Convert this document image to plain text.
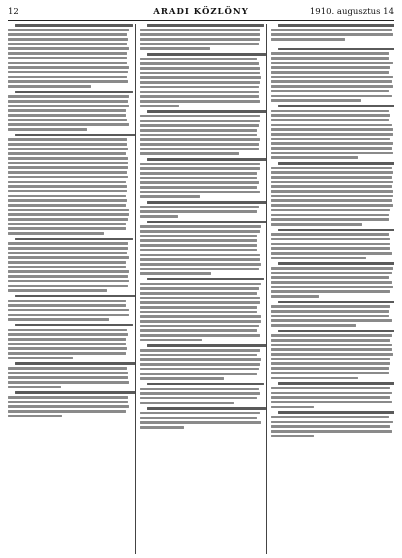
12	ARADI KÖZLÖNY	1910. augusztus 14
